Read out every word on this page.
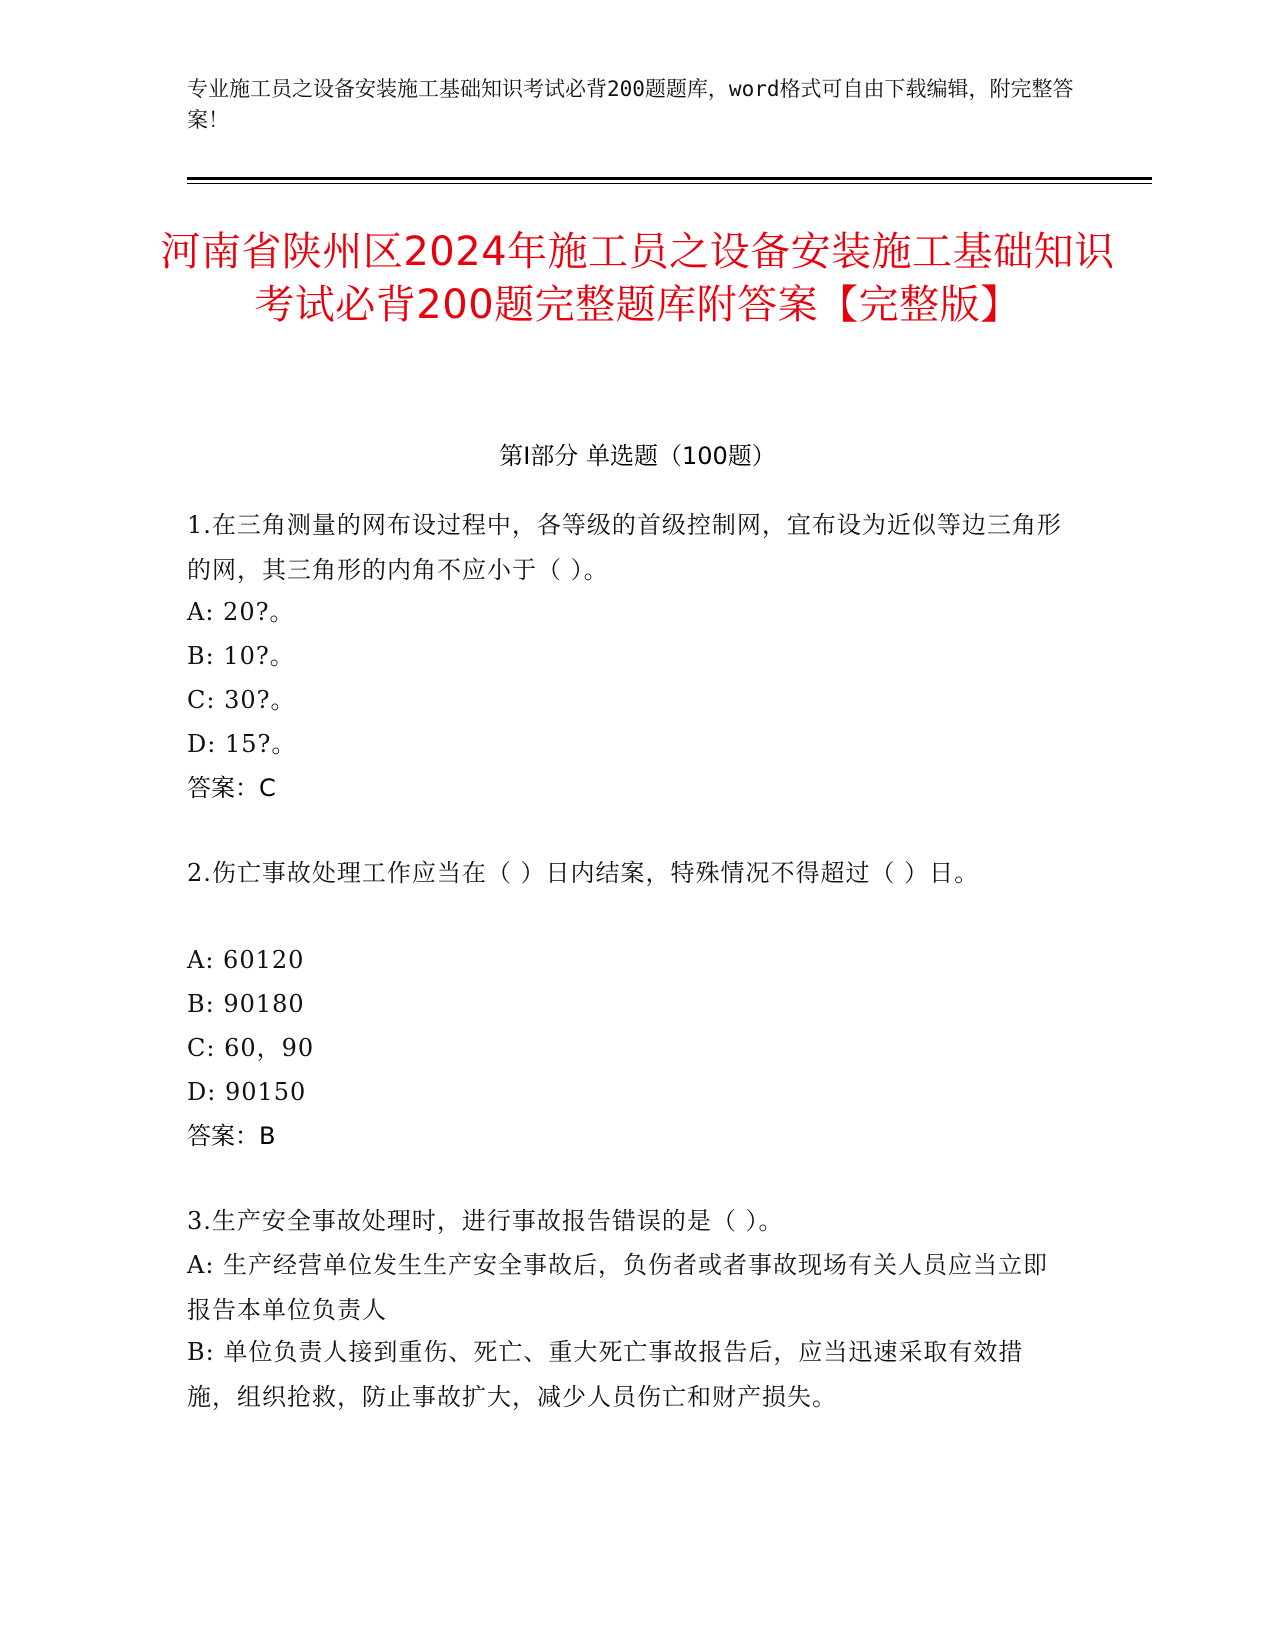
专业施工员之设备安装施工基础知识考试必背200题题库，word格式可自由下载编辑，附完整答案！
河南省陕州区2024年施工员之设备安装施工基础知识考试必背200题完整题库附答案【完整版】
第Ⅰ部分 单选题（100题）
1.在三角测量的网布设过程中，各等级的首级控制网，宜布设为近似等边三角形的网，其三角形的内角不应小于（ ）。
A: 20?。
B: 10?。
C: 30?。
D: 15?。
答案：C
2.伤亡事故处理工作应当在（ ）日内结案，特殊情况不得超过（ ）日。
A: 60120
B: 90180
C: 60，90
D: 90150
答案：B
3.生产安全事故处理时，进行事故报告错误的是（ ）。
A: 生产经营单位发生生产安全事故后，负伤者或者事故现场有关人员应当立即报告本单位负责人
B: 单位负责人接到重伤、死亡、重大死亡事故报告后，应当迅速采取有效措施，组织抢救，防止事故扩大，减少人员伤亡和财产损失。
